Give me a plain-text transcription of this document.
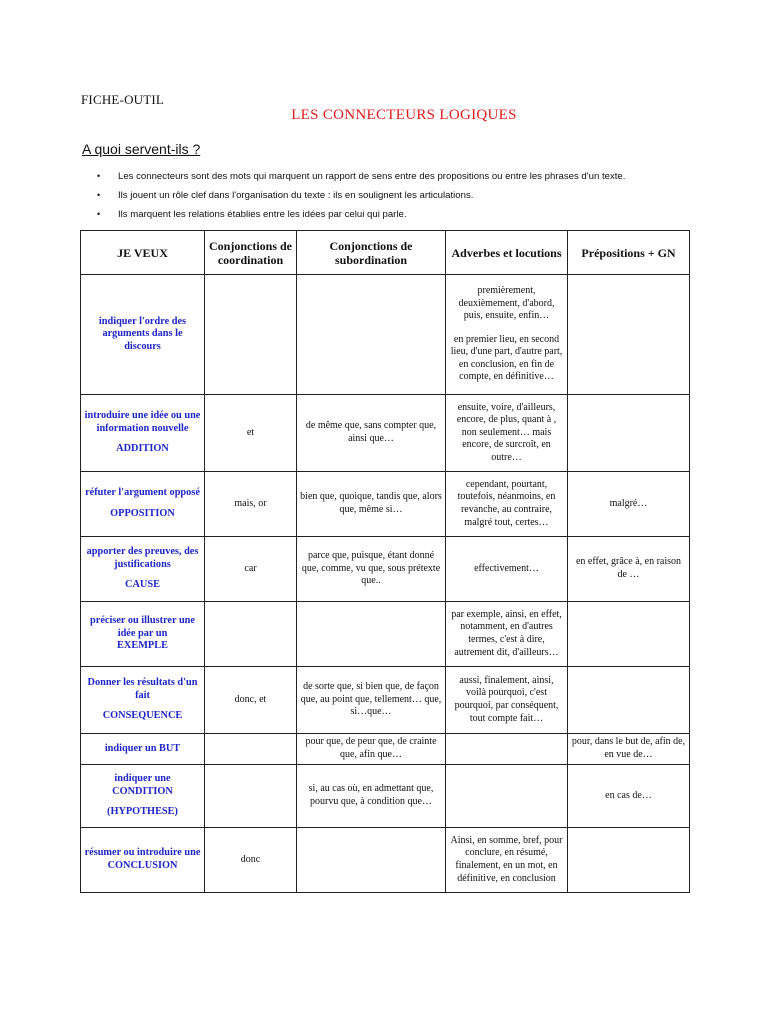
FICHE-OUTIL
LES CONNECTEURS LOGIQUES
A quoi servent-ils ?
• Les connecteurs sont des mots qui marquent un rapport de sens entre des propositions ou entre les phrases d'un texte.
• Ils jouent un rôle clef dans l'organisation du texte : ils en soulignent les articulations.
• Ils marquent les relations établies entre les idées par celui qui parle.
JE VEUX	Conjonctions de coordination	Conjonctions de subordination	Adverbes et locutions	Prépositions + GN
indiquer l'ordre des arguments dans le discours			premièrement, deuxièmement, d'abord, puis, ensuite, enfin…
en premier lieu, en second lieu, d'une part, d'autre part, en conclusion, en fin de compte, en définitive…	

introduire une idée ou une information nouvelle
ADDITION	et	de même que, sans compter que, ainsi que…	ensuite, voire, d'ailleurs, encore, de plus, quant à , non seulement… mais encore, de surcroît, en outre…	
réfuter l'argument opposé
OPPOSITION	mais, or	bien que, quoique, tandis que, alors que, même si…	cependant, pourtant, toutefois, néanmoins, en revanche, au contraire, malgré tout, certes…	malgré…
apporter des preuves, des justifications
CAUSE	car	parce que, puisque, étant donné que, comme, vu que, sous prétexte que..	effectivement…	en effet, grâce à, en raison de …
préciser ou illustrer une idée par un
EXEMPLE			par exemple, ainsi, en effet, notamment, en d'autres termes, c'est à dire, autrement dit, d'ailleurs…	
Donner les résultats d'un fait
CONSEQUENCE	donc, et	de sorte que, si bien que, de façon que, au point que, tellement… que, si…que…	aussi, finalement, ainsi, voilà pourquoi, c'est pourquoi, par conséquent, tout compte fait…	
indiquer un BUT		pour que, de peur que, de crainte que, afin que…		pour, dans le but de, afin de, en vue de…
indiquer une CONDITION
(HYPOTHESE)		si, au cas où, en admettant que, pourvu que, à condition que…		en cas de…
résumer ou introduire une CONCLUSION	donc		Ainsi, en somme, bref, pour conclure, en résumé, finalement, en un mot, en définitive, en conclusion	
